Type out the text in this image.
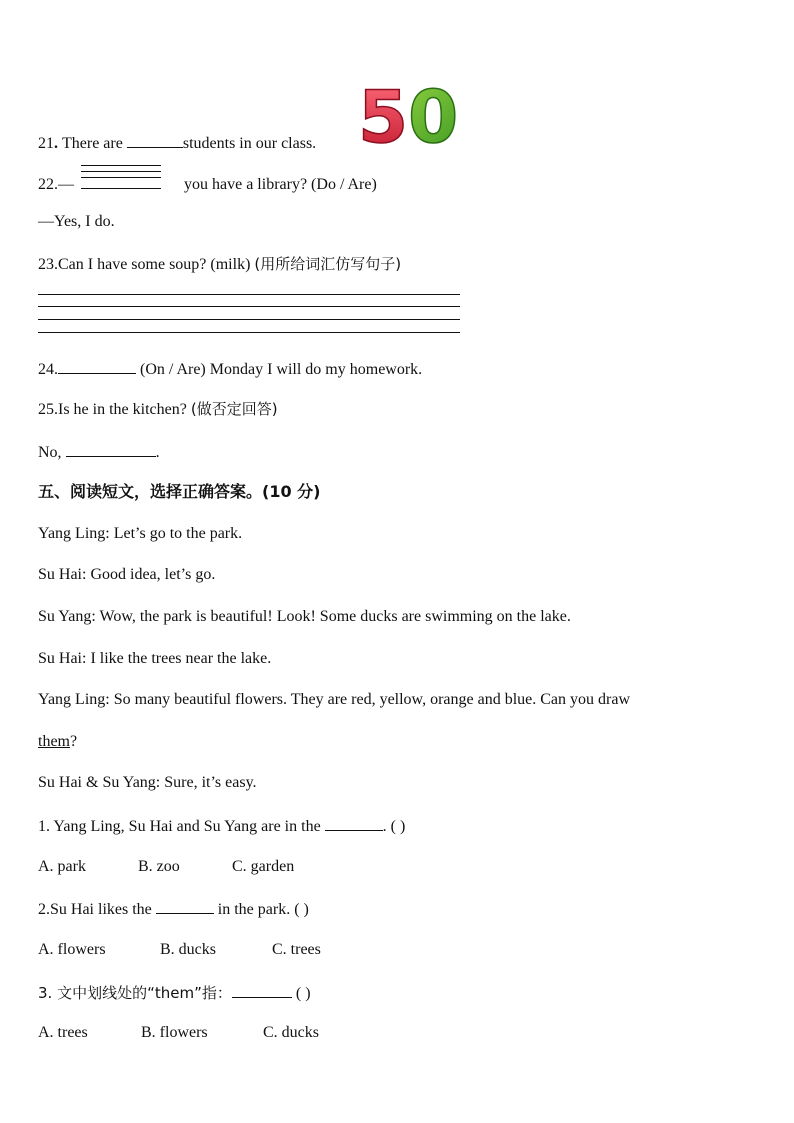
50
21. There are	students in our class.
22.—	you have a library? (Do / Are)
—Yes, I do.
23.Can I have some soup? (milk) (用所给词汇仿写句子)
24.	(On / Are) Monday I will do my homework.
25.Is he in the kitchen? (做否定回答)
No,	.
五、阅读短文，选择正确答案。(10 分)
Yang Ling: Let’s go to the park.
Su Hai: Good idea, let’s go.
Su Yang: Wow, the park is beautiful! Look! Some ducks are swimming on the lake.
Su Hai: I like the trees near the lake.
Yang Ling: So many beautiful flowers. They are red, yellow, orange and blue. Can you draw
them?
Su Hai & Su Yang: Sure, it’s easy.
1. Yang Ling, Su Hai and Su Yang are in the	. ( )
A. park	B. zoo	C. garden
2.Su Hai likes the	in the park. ( )
A. flowers	B. ducks	C. trees
3. 文中划线处的“them”指：	( )
A. trees	B. flowers	C. ducks
